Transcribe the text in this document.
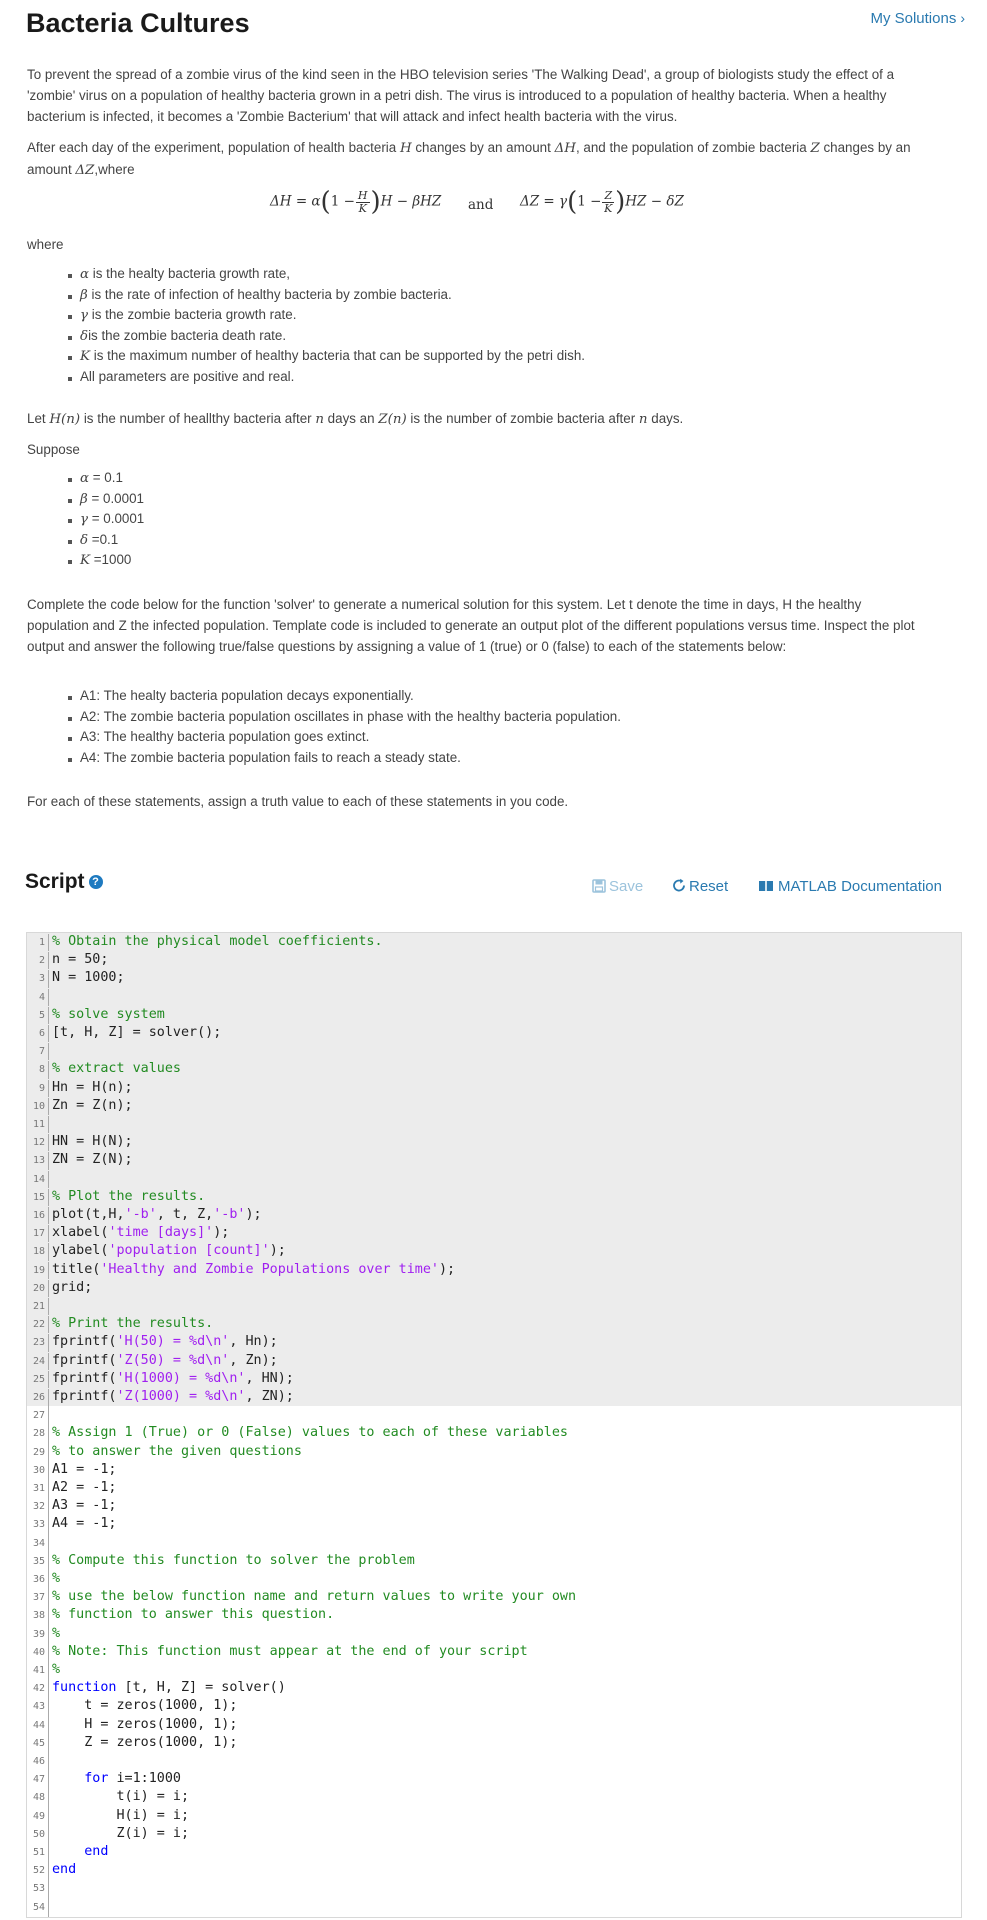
Bacteria Cultures	My Solutions ›

To prevent the spread of a zombie virus of the kind seen in the HBO television series 'The Walking Dead', a group of biologists study the effect of a 'zombie' virus on a population of healthy bacteria grown in a petri dish. The virus is introduced to a population of healthy bacteria. When a healthy bacterium is infected, it becomes a 'Zombie Bacterium' that will attack and infect health bacteria with the virus.

After each day of the experiment, population of health bacteria H changes by an amount ΔH, and the population of zombie bacteria Z changes by an amount ΔZ,where

$\Delta H = \alpha(1 - \frac{H}{K} )H - \beta HZ$ and $\Delta Z = \gamma(1 - \frac{Z}{K} )HZ - \delta Z$
where
α is the healty bacteria growth rate,
β is the rate of infection of healthy bacteria by zombie bacteria.
γ is the zombie bacteria growth rate.
δis the zombie bacteria death rate.
K is the maximum number of healthy bacteria that can be supported by the petri dish.
All parameters are positive and real.
Let H(n) is the number of heallthy bacteria after n days an Z(n) is the number of zombie bacteria after n days.
Suppose
α = 0.1
β = 0.0001
γ = 0.0001
δ =0.1
K =1000

Complete the code below for the function 'solver' to generate a numerical solution for this system. Let t denote the time in days, H the healthy population and Z the infected population. Template code is included to generate an output plot of the different populations versus time. Inspect the plot output and answer the following true/false questions by assigning a value of 1 (true) or 0 (false) to each of the statements below:

A1: The healty bacteria population decays exponentially.
A2: The zombie bacteria population oscillates in phase with the healthy bacteria population.
A3: The healthy bacteria population goes extinct.
A4: The zombie bacteria population fails to reach a steady state.
For each of these statements, assign a truth value to each of these statements in you code.
Script ?	Save	Reset	MATLAB Documentation
1 % Obtain the physical model coefficients.
2 n = 50;
3 N = 1000;
4
5 % solve system
6 [t, H, Z] = solver();
7
8 % extract values
9 Hn = H(n);
10 Zn = Z(n);
11
12 HN = H(N);
13 ZN = Z(N);
14
15 % Plot the results.
16 plot(t,H,'-b', t, Z,'-b');
17 xlabel('time [days]');
18 ylabel('population [count]');
19 title('Healthy and Zombie Populations over time');
20 grid;
21
22 % Print the results.
23 fprintf('H(50) = %d\n', Hn);
24 fprintf('Z(50) = %d\n', Zn);
25 fprintf('H(1000) = %d\n', HN);
26 fprintf('Z(1000) = %d\n', ZN);
27
28 % Assign 1 (True) or 0 (False) values to each of these variables
29 % to answer the given questions
30 A1 = -1;
31 A2 = -1;
32 A3 = -1;
33 A4 = -1;
34
35 % Compute this function to solver the problem
36 %
37 % use the below function name and return values to write your own
38 % function to answer this question.
39 %
40 % Note: This function must appear at the end of your script
41 %
42 function [t, H, Z] = solver()
43    t = zeros(1000, 1);
44    H = zeros(1000, 1);
45    Z = zeros(1000, 1);
46
47	for i=1:1000
48        t(i) = i;
49        H(i) = i;
50        Z(i) = i;
51	end
52 end
53
54
